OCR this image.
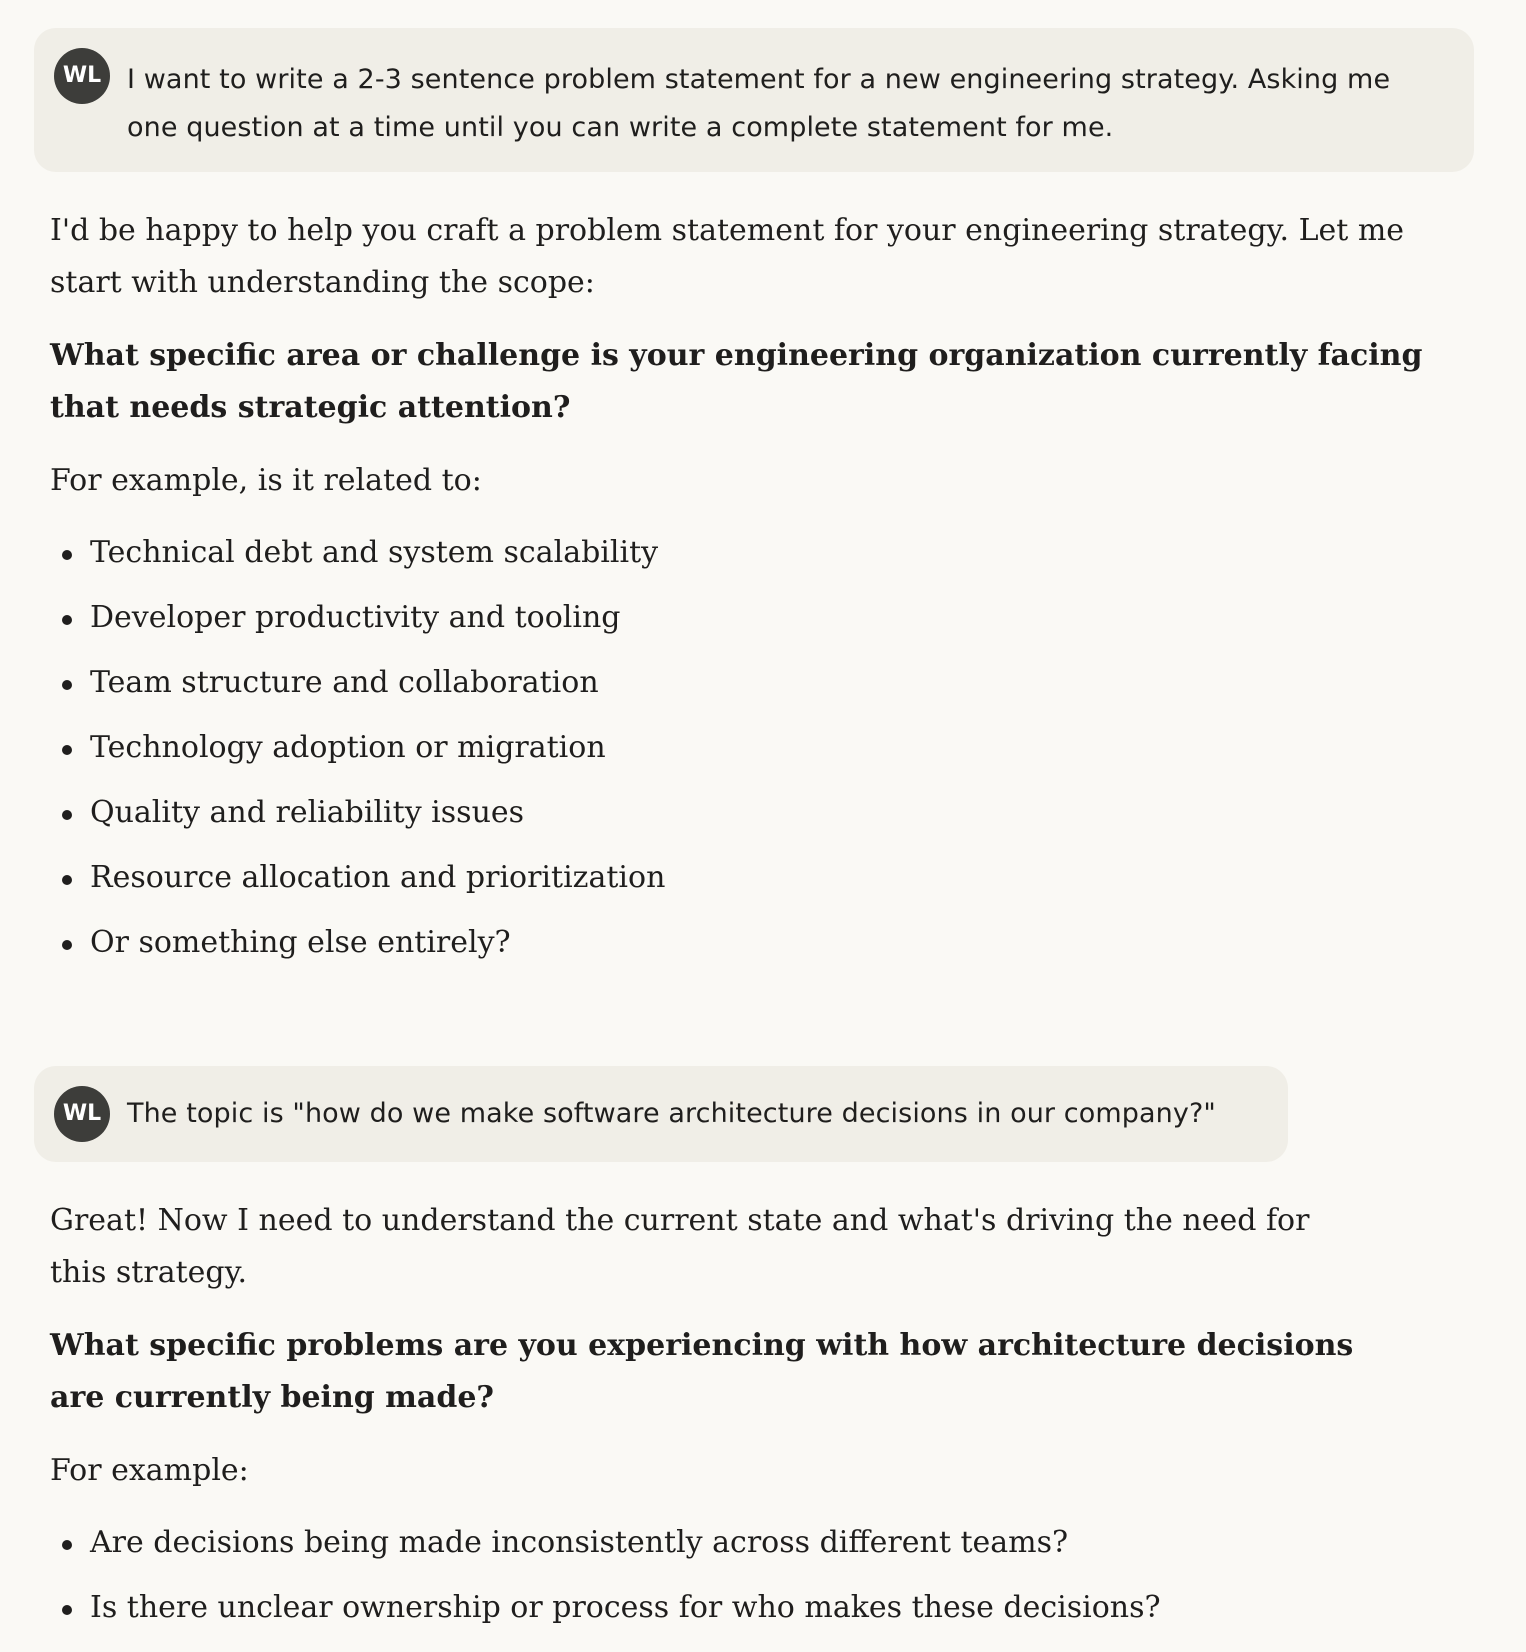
WL I want to write a 2-3 sentence problem statement for a new engineering strategy. Asking me one question at a time until you can write a complete statement for me.

I'd be happy to help you craft a problem statement for your engineering strategy. Let me start with understanding the scope:

What specific area or challenge is your engineering organization currently facing that needs strategic attention?

For example, is it related to:

Technical debt and system scalability
Developer productivity and tooling
Team structure and collaboration
Technology adoption or migration
Quality and reliability issues
Resource allocation and prioritization
Or something else entirely?
WL The topic is "how do we make software architecture decisions in our company?"

Great! Now I need to understand the current state and what's driving the need for this strategy.

What specific problems are you experiencing with how architecture decisions are currently being made?

For example:

Are decisions being made inconsistently across different teams?
Is there unclear ownership or process for who makes these decisions?
